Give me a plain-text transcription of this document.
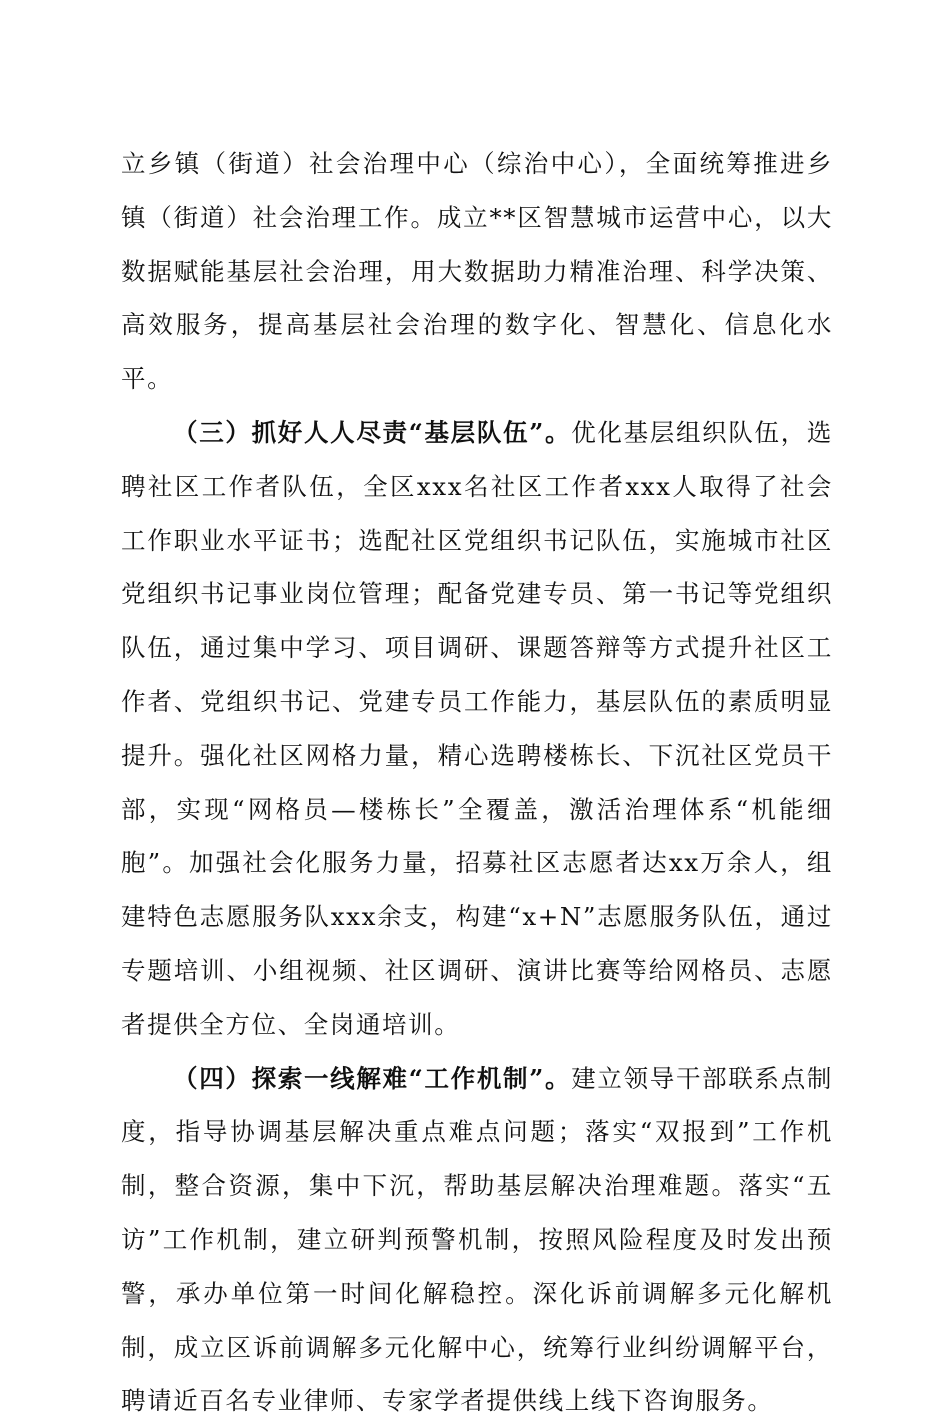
立乡镇（街道）社会治理中心（综治中心），全面统筹推进乡镇（街道）社会治理工作。成立**区智慧城市运营中心，以大数据赋能基层社会治理，用大数据助力精准治理、科学决策、高效服务，提高基层社会治理的数字化、智慧化、信息化水平。

（三）抓好人人尽责“基层队伍”。优化基层组织队伍，选聘社区工作者队伍，全区xxx名社区工作者xxx人取得了社会工作职业水平证书；选配社区党组织书记队伍，实施城市社区党组织书记事业岗位管理；配备党建专员、第一书记等党组织队伍，通过集中学习、项目调研、课题答辩等方式提升社区工作者、党组织书记、党建专员工作能力，基层队伍的素质明显提升。强化社区网格力量，精心选聘楼栋长、下沉社区党员干部，实现“网格员—楼栋长”全覆盖，激活治理体系“机能细胞”。加强社会化服务力量，招募社区志愿者达xx万余人，组建特色志愿服务队xxx余支，构建“x+N”志愿服务队伍，通过专题培训、小组视频、社区调研、演讲比赛等给网格员、志愿者提供全方位、全岗通培训。

（四）探索一线解难“工作机制”。建立领导干部联系点制度，指导协调基层解决重点难点问题；落实“双报到”工作机制，整合资源，集中下沉，帮助基层解决治理难题。落实“五访”工作机制，建立研判预警机制，按照风险程度及时发出预警，承办单位第一时间化解稳控。深化诉前调解多元化解机制，成立区诉前调解多元化解中心，统筹行业纠纷调解平台，聘请近百名专业律师、专家学者提供线上线下咨询服务。
